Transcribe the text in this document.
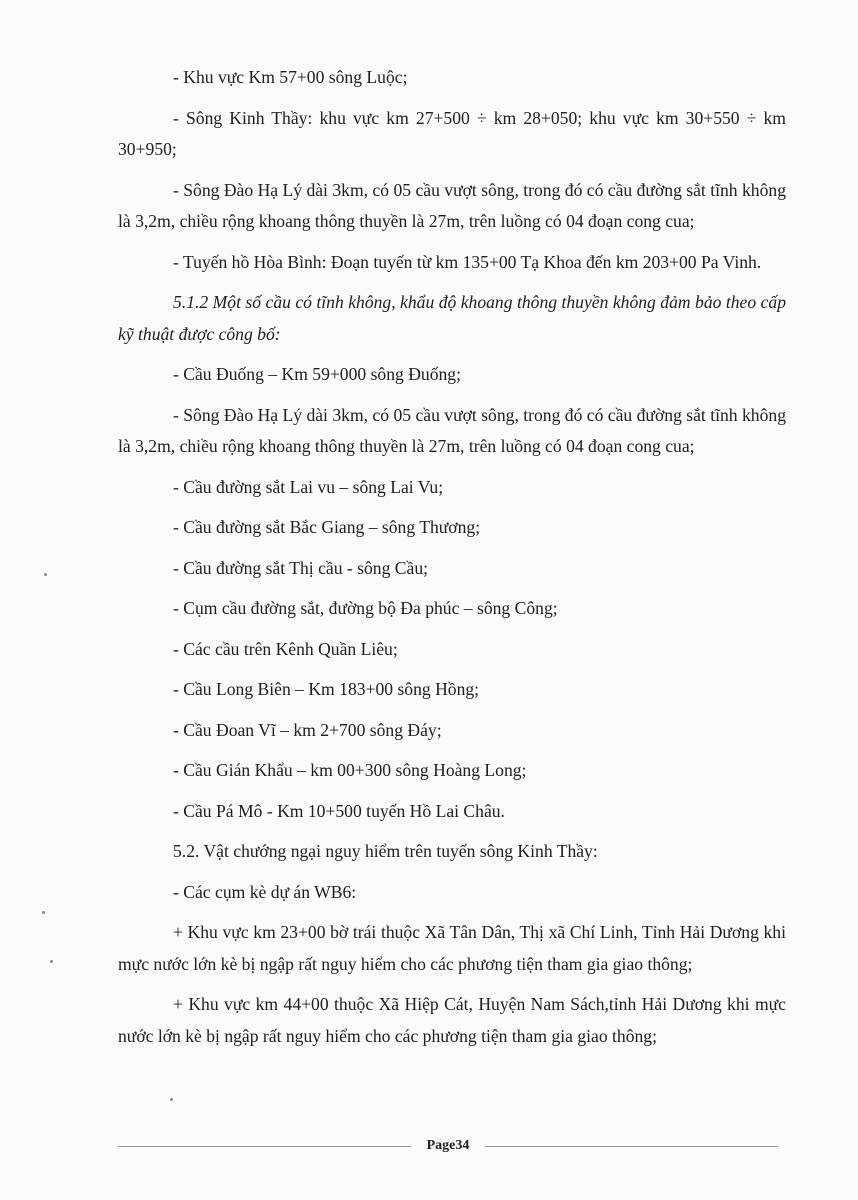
- Khu vực Km 57+00 sông Luộc;

- Sông Kinh Thầy: khu vực km 27+500 ÷ km 28+050; khu vực km 30+550 ÷ km 30+950;

- Sông Đào Hạ Lý dài 3km, có 05 cầu vượt sông, trong đó có cầu đường sắt tĩnh không là 3,2m, chiều rộng khoang thông thuyền là 27m, trên luồng có 04 đoạn cong cua;

- Tuyến hồ Hòa Bình: Đoạn tuyến từ km 135+00 Tạ Khoa đến km 203+00 Pa Vinh.

5.1.2 Một số cầu có tĩnh không, khẩu độ khoang thông thuyền không đảm bảo theo cấp kỹ thuật được công bố:

- Cầu Đuống – Km 59+000 sông Đuống;

- Sông Đào Hạ Lý dài 3km, có 05 cầu vượt sông, trong đó có cầu đường sắt tĩnh không là 3,2m, chiều rộng khoang thông thuyền là 27m, trên luồng có 04 đoạn cong cua;

- Cầu đường sắt Lai vu – sông Lai Vu;

- Cầu đường sắt Bắc Giang – sông Thương;

- Cầu đường sắt Thị cầu - sông Cầu;

- Cụm cầu đường sắt, đường bộ Đa phúc – sông Công;

- Các cầu trên Kênh Quần Liêu;

- Cầu Long Biên – Km 183+00 sông Hồng;

- Cầu Đoan Vĩ – km 2+700 sông Đáy;

- Cầu Gián Khẩu – km 00+300 sông Hoàng Long;

- Cầu Pá Mô - Km 10+500 tuyến Hồ Lai Châu.

5.2. Vật chướng ngại nguy hiểm trên tuyến sông Kinh Thầy:

- Các cụm kè dự án WB6:

+ Khu vực km 23+00 bờ trái thuộc Xã Tân Dân, Thị xã Chí Linh, Tỉnh Hải Dương khi mực nước lớn kè bị ngập rất nguy hiểm cho các phương tiện tham gia giao thông;

+ Khu vực km 44+00 thuộc Xã Hiệp Cát, Huyện Nam Sách,tỉnh Hải Dương khi mực nước lớn kè bị ngập rất nguy hiểm cho các phương tiện tham gia giao thông;

Page34
